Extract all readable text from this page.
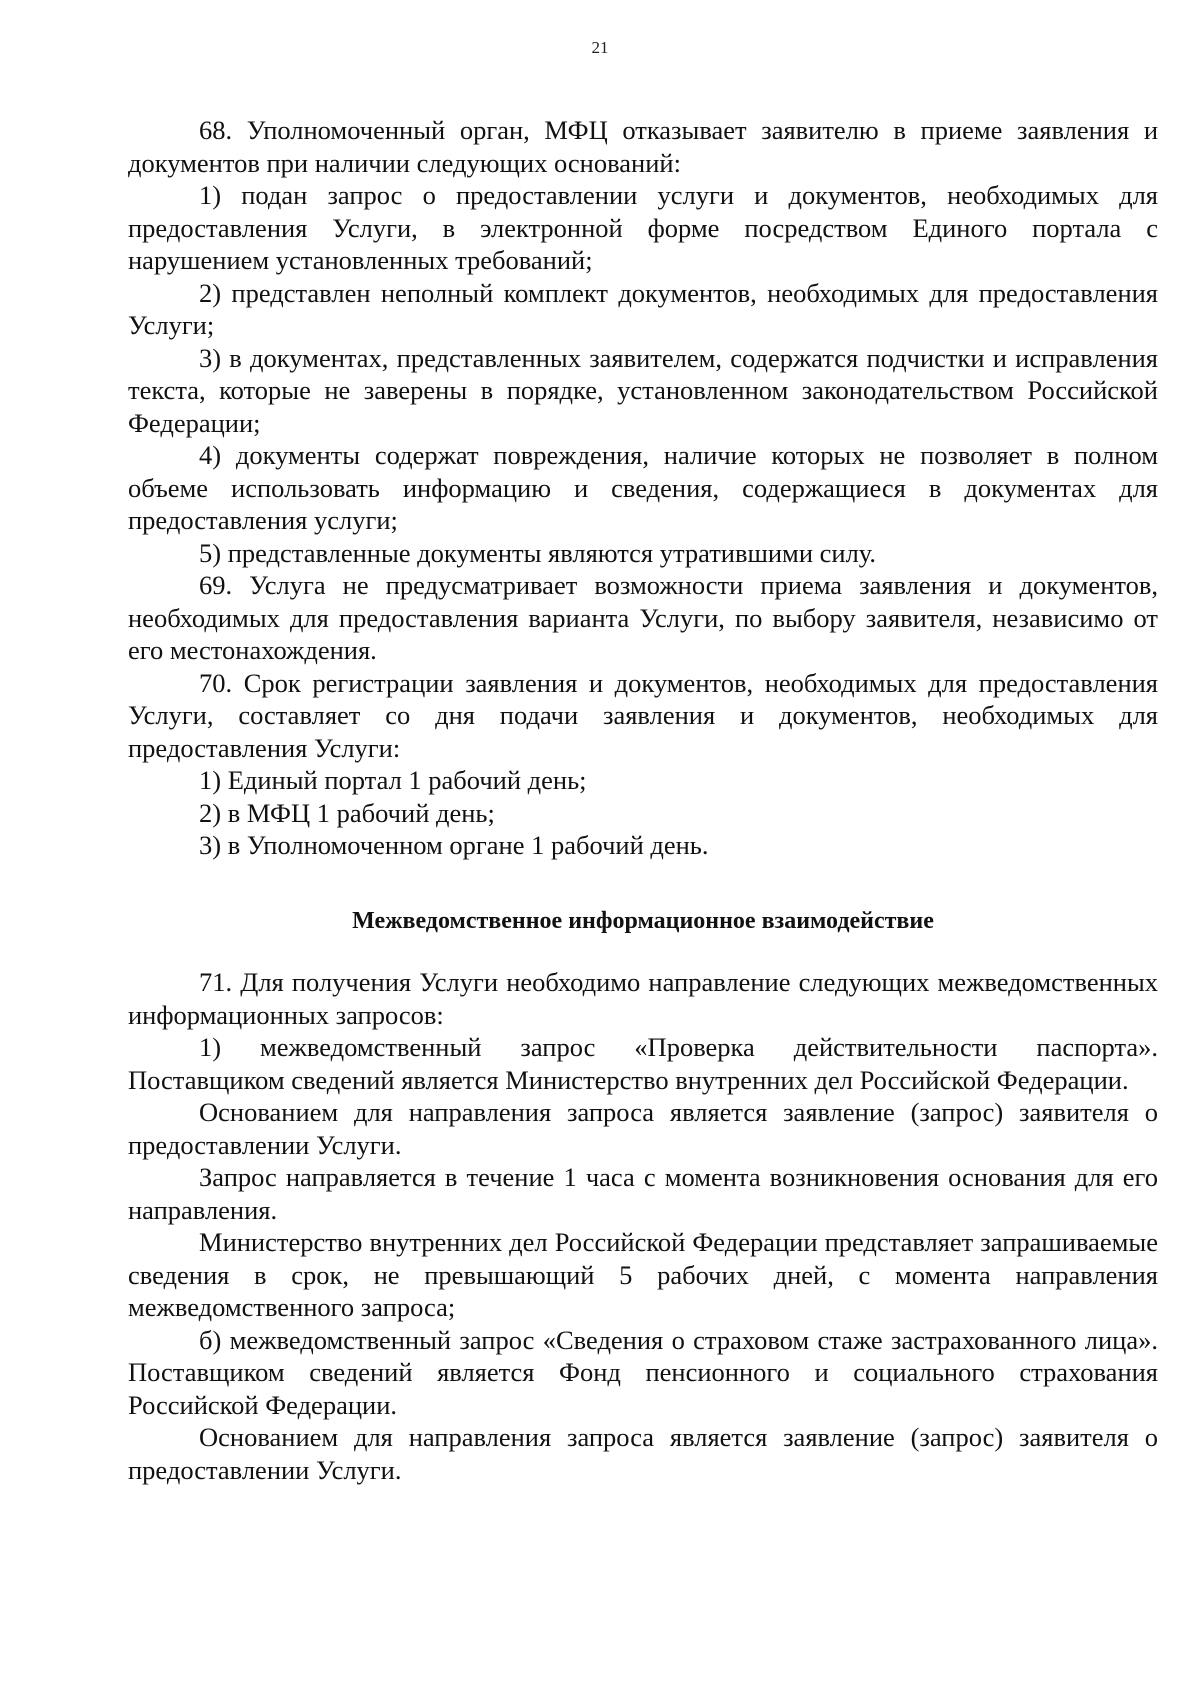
21

68. Уполномоченный орган, МФЦ отказывает заявителю в приеме заявления и документов при наличии следующих оснований:

1) подан запрос о предоставлении услуги и документов, необходимых для предоставления Услуги, в электронной форме посредством Единого портала с нарушением установленных требований;

2) представлен неполный комплект документов, необходимых для предоставления Услуги;

3) в документах, представленных заявителем, содержатся подчистки и исправления текста, которые не заверены в порядке, установленном законодательством Российской Федерации;

4) документы содержат повреждения, наличие которых не позволяет в полном объеме использовать информацию и сведения, содержащиеся в документах для предоставления услуги;

5) представленные документы являются утратившими силу.

69. Услуга не предусматривает возможности приема заявления и документов, необходимых для предоставления варианта Услуги, по выбору заявителя, независимо от его местонахождения.

70. Срок регистрации заявления и документов, необходимых для предоставления Услуги, составляет со дня подачи заявления и документов, необходимых для предоставления Услуги:

1) Единый портал 1 рабочий день;

2) в МФЦ 1 рабочий день;

3) в Уполномоченном органе 1 рабочий день.

Межведомственное информационное взаимодействие

71. Для получения Услуги необходимо направление следующих межведомственных информационных запросов:

1) межведомственный запрос «Проверка действительности паспорта». Поставщиком сведений является Министерство внутренних дел Российской Федерации.

Основанием для направления запроса является заявление (запрос) заявителя о предоставлении Услуги.

Запрос направляется в течение 1 часа с момента возникновения основания для его направления.

Министерство внутренних дел Российской Федерации представляет запрашиваемые сведения в срок, не превышающий 5 рабочих дней, с момента направления межведомственного запроса;

б) межведомственный запрос «Сведения о страховом стаже застрахованного лица». Поставщиком сведений является Фонд пенсионного и социального страхования Российской Федерации.

Основанием для направления запроса является заявление (запрос) заявителя о предоставлении Услуги.
